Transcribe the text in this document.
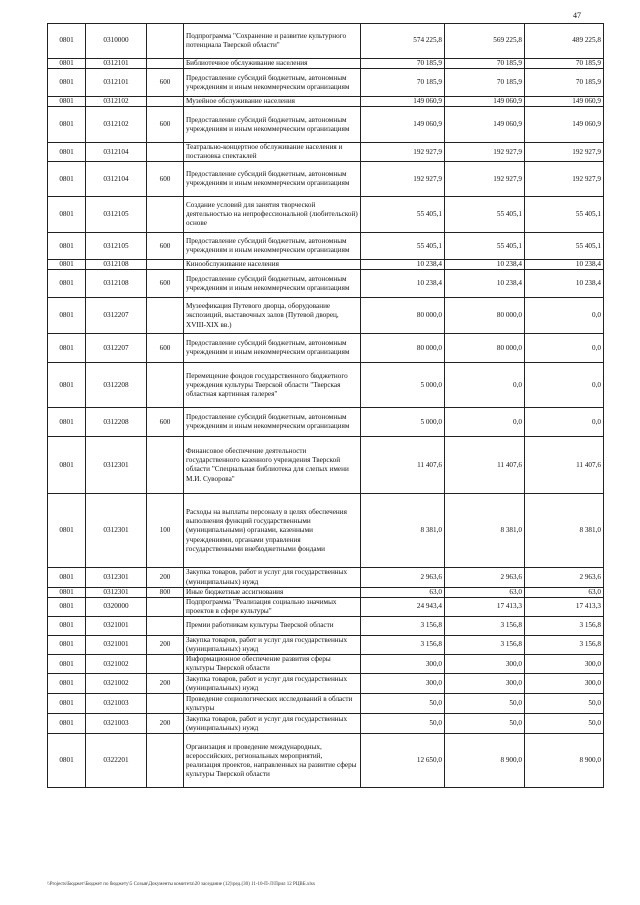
47
0801	0310000		Подпрограмма "Сохранение и развитие культурного потенциала Тверской области"	574 225,8	569 225,8	489 225,8
0801	0312101		Библиотечное обслуживание населения	70 185,9	70 185,9	70 185,9
0801	0312101	600	Предоставление субсидий бюджетным, автономным учреждениям и иным некоммерческим организациям	70 185,9	70 185,9	70 185,9
0801	0312102		Музейное обслуживание населения	149 060,9	149 060,9	149 060,9
0801	0312102	600	Предоставление субсидий бюджетным, автономным учреждениям и иным некоммерческим организациям	149 060,9	149 060,9	149 060,9
0801	0312104		Театрально-концертное обслуживание населения и постановка спектаклей	192 927,9	192 927,9	192 927,9
0801	0312104	600	Предоставление субсидий бюджетным, автономным учреждениям и иным некоммерческим организациям	192 927,9	192 927,9	192 927,9
0801	0312105		Создание условий для занятия творческой деятельностью на непрофессиональной (любительской) основе	55 405,1	55 405,1	55 405,1
0801	0312105	600	Предоставление субсидий бюджетным, автономным учреждениям и иным некоммерческим организациям	55 405,1	55 405,1	55 405,1
0801	0312108		Кинообслуживание населения	10 238,4	10 238,4	10 238,4
0801	0312108	600	Предоставление субсидий бюджетным, автономным учреждениям и иным некоммерческим организациям	10 238,4	10 238,4	10 238,4
0801	0312207		Музеефикация Путевого дворца, оборудование экспозиций, выставочных залов (Путевой дворец, XVIII-XIX вв.)	80 000,0	80 000,0	0,0
0801	0312207	600	Предоставление субсидий бюджетным, автономным учреждениям и иным некоммерческим организациям	80 000,0	80 000,0	0,0
0801	0312208		Перемещение фондов государственного бюджетного учреждения культуры Тверской области "Тверская областная картинная галерея"	5 000,0	0,0	0,0
0801	0312208	600	Предоставление субсидий бюджетным, автономным учреждениям и иным некоммерческим организациям	5 000,0	0,0	0,0
0801	0312301		Финансовое обеспечение деятельности государственного казенного учреждения Тверской области "Специальная библиотека для слепых имени М.И. Суворова"	11 407,6	11 407,6	11 407,6
0801	0312301	100	Расходы на выплаты персоналу в целях обеспечения выполнения функций государственными (муниципальными) органами, казенными учреждениями, органами управления государственными внебюджетными фондами	8 381,0	8 381,0	8 381,0
0801	0312301	200	Закупка товаров, работ и услуг для государственных (муниципальных) нужд	2 963,6	2 963,6	2 963,6
0801	0312301	800	Иные бюджетные ассигнования	63,0	63,0	63,0
0801	0320000		Подпрограмма "Реализация социально значимых проектов в сфере культуры"	24 943,4	17 413,3	17 413,3
0801	0321001		Премии работникам культуры Тверской области	3 156,8	3 156,8	3 156,8
0801	0321001	200	Закупка товаров, работ и услуг для государственных (муниципальных) нужд	3 156,8	3 156,8	3 156,8
0801	0321002		Информационное обеспечение развития сферы культуры Тверской области	300,0	300,0	300,0
0801	0321002	200	Закупка товаров, работ и услуг для государственных (муниципальных) нужд	300,0	300,0	300,0
0801	0321003		Проведение социологических исследований в области культуры	50,0	50,0	50,0
0801	0321003	200	Закупка товаров, работ и услуг для государственных (муниципальных) нужд	50,0	50,0	50,0
0801	0322201		Организация и проведение международных, всероссийских, региональных мероприятий, реализация проектов, направленных на развитие сферы культуры Тверской области	12 650,0	8 900,0	8 900,0
\\Projects\Бюджет\Бюджет по бюджету\5 Созыв\Документы комитета\20 заседание (12)\ред.(30) 11-10-П-Л\Прил 12 РЦВБ.xlsx
